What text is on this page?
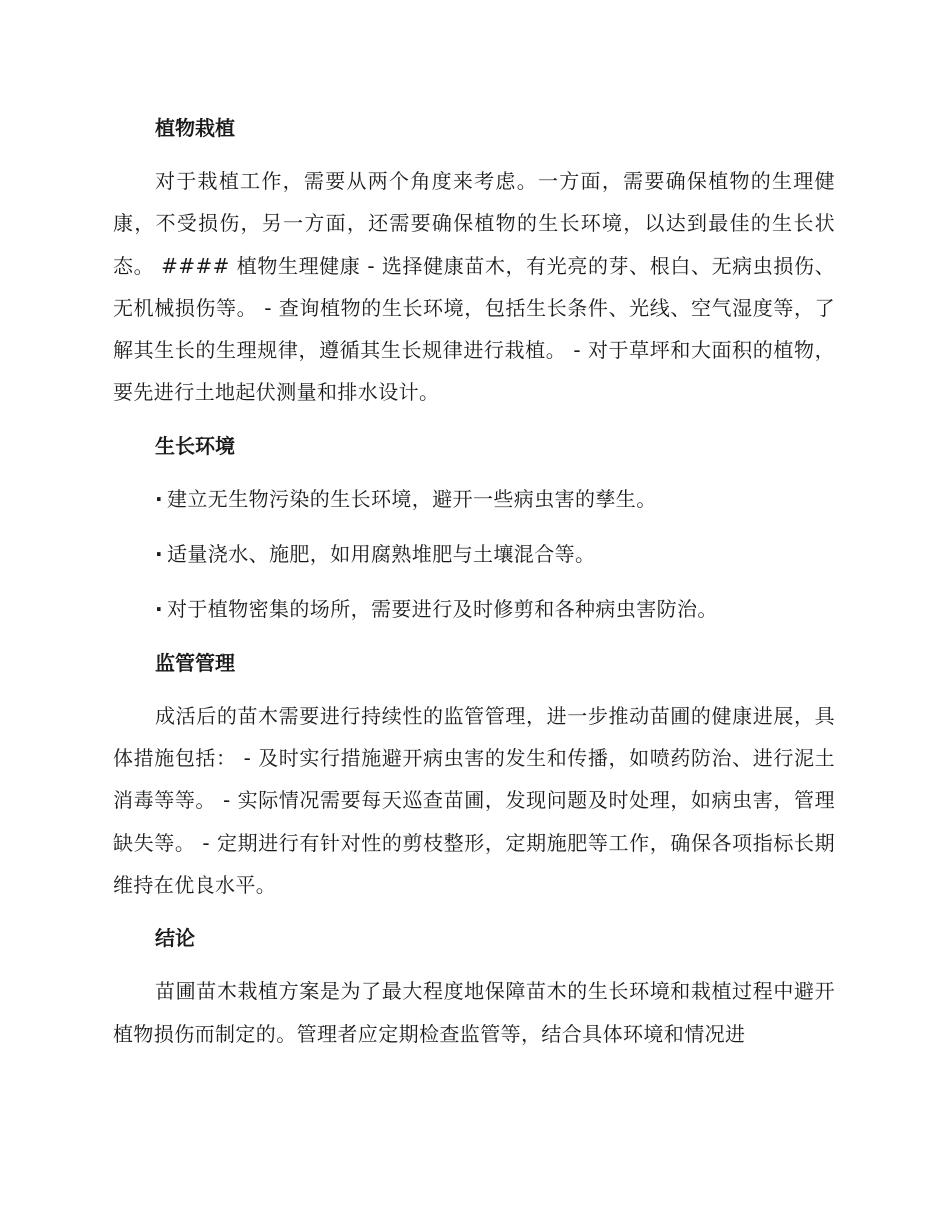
植物栽植

对于栽植工作，需要从两个角度来考虑。一方面，需要确保植物的生理健康，不受损伤，另一方面，还需要确保植物的生长环境，以达到最佳的生长状态。 #### 植物生理健康 - 选择健康苗木，有光亮的芽、根白、无病虫损伤、无机械损伤等。 - 查询植物的生长环境，包括生长条件、光线、空气湿度等，了解其生长的生理规律，遵循其生长规律进行栽植。 - 对于草坪和大面积的植物，要先进行土地起伏测量和排水设计。

生长环境
· 建立无生物污染的生长环境，避开一些病虫害的孳生。
· 适量浇水、施肥，如用腐熟堆肥与土壤混合等。
· 对于植物密集的场所，需要进行及时修剪和各种病虫害防治。
监管管理

成活后的苗木需要进行持续性的监管管理，进一步推动苗圃的健康进展，具体措施包括： - 及时实行措施避开病虫害的发生和传播，如喷药防治、进行泥土消毒等等。 - 实际情况需要每天巡查苗圃，发现问题及时处理，如病虫害，管理缺失等。 - 定期进行有针对性的剪枝整形，定期施肥等工作，确保各项指标长期维持在优良水平。

结论

苗圃苗木栽植方案是为了最大程度地保障苗木的生长环境和栽植过程中避开植物损伤而制定的。管理者应定期检查监管等，结合具体环境和情况进
